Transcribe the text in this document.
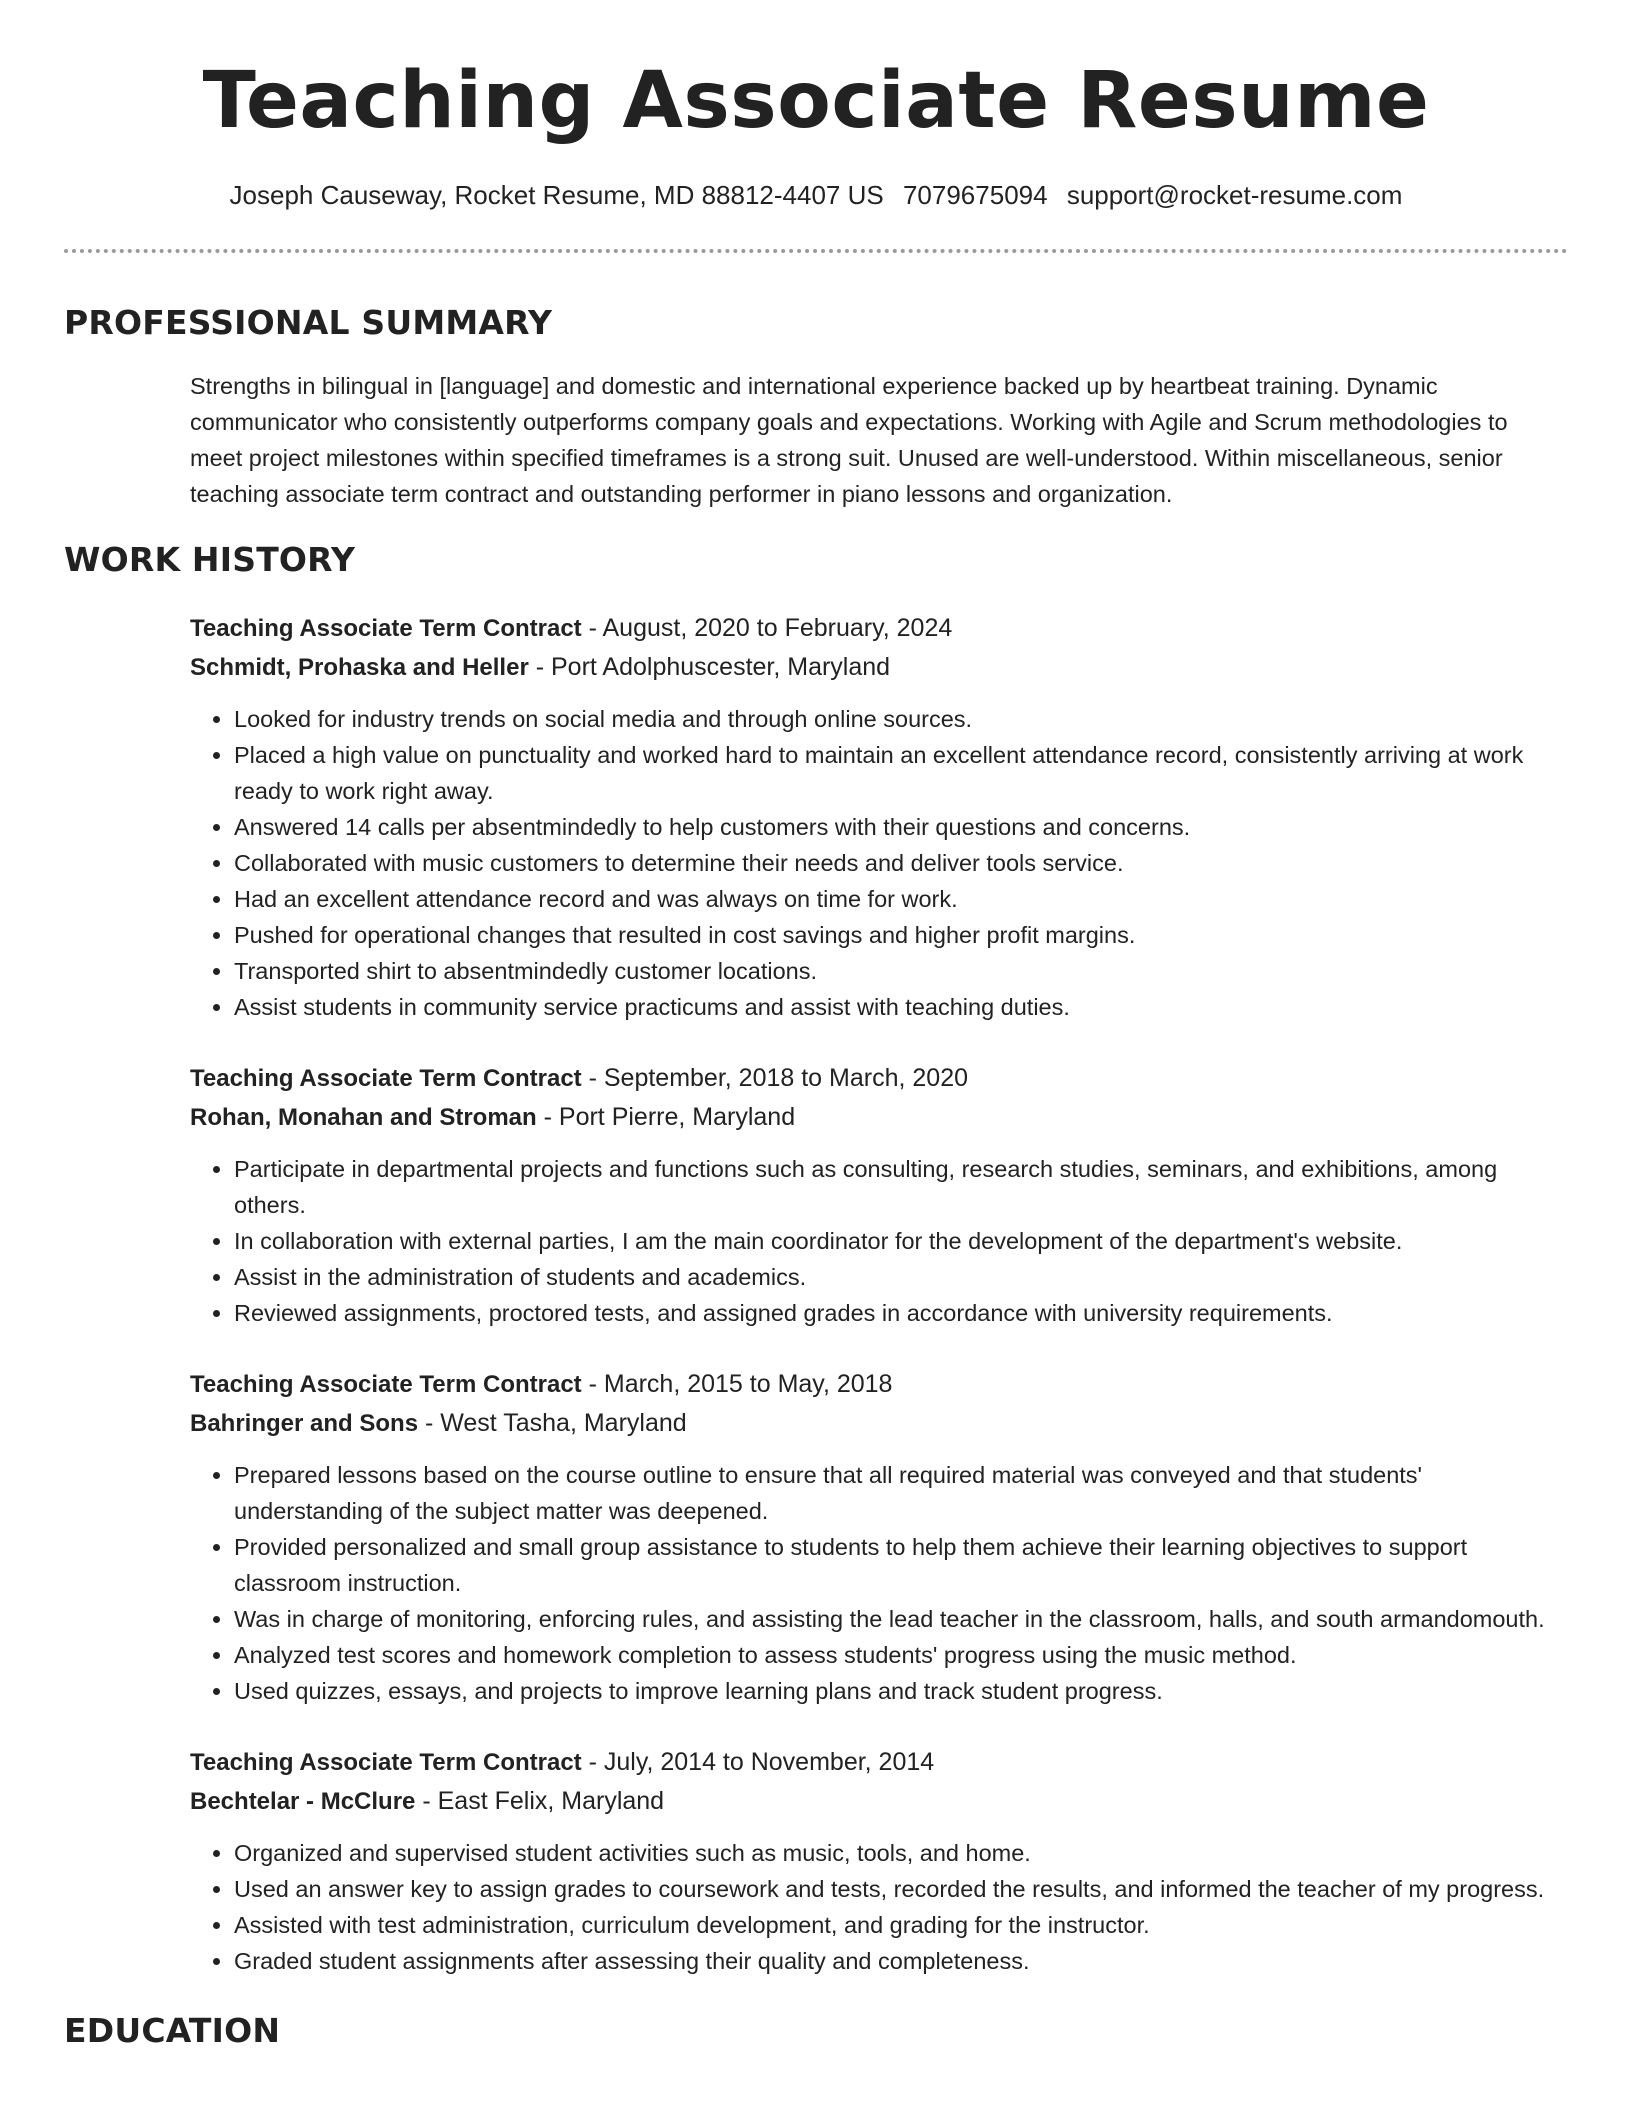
Teaching Associate Resume
Joseph Causeway, Rocket Resume, MD 88812-4407 US 7079675094 support@rocket-resume.com
PROFESSIONAL SUMMARY

Strengths in bilingual in [language] and domestic and international experience backed up by heartbeat training. Dynamic communicator who consistently outperforms company goals and expectations. Working with Agile and Scrum methodologies to meet project milestones within specified timeframes is a strong suit. Unused are well-understood. Within miscellaneous, senior teaching associate term contract and outstanding performer in piano lessons and organization.

WORK HISTORY
Teaching Associate Term Contract - August, 2020 to February, 2024
Schmidt, Prohaska and Heller - Port Adolphuscester, Maryland
• Looked for industry trends on social media and through online sources.
• Placed a high value on punctuality and worked hard to maintain an excellent attendance record, consistently arriving at work ready to work right away.
• Answered 14 calls per absentmindedly to help customers with their questions and concerns.
• Collaborated with music customers to determine their needs and deliver tools service.
• Had an excellent attendance record and was always on time for work.
• Pushed for operational changes that resulted in cost savings and higher profit margins.
• Transported shirt to absentmindedly customer locations.
• Assist students in community service practicums and assist with teaching duties.
Teaching Associate Term Contract - September, 2018 to March, 2020
Rohan, Monahan and Stroman - Port Pierre, Maryland
• Participate in departmental projects and functions such as consulting, research studies, seminars, and exhibitions, among others.
• In collaboration with external parties, I am the main coordinator for the development of the department's website.
• Assist in the administration of students and academics.
• Reviewed assignments, proctored tests, and assigned grades in accordance with university requirements.
Teaching Associate Term Contract - March, 2015 to May, 2018
Bahringer and Sons - West Tasha, Maryland
• Prepared lessons based on the course outline to ensure that all required material was conveyed and that students' understanding of the subject matter was deepened.
• Provided personalized and small group assistance to students to help them achieve their learning objectives to support classroom instruction.
• Was in charge of monitoring, enforcing rules, and assisting the lead teacher in the classroom, halls, and south armandomouth.
• Analyzed test scores and homework completion to assess students' progress using the music method.
• Used quizzes, essays, and projects to improve learning plans and track student progress.
Teaching Associate Term Contract - July, 2014 to November, 2014
Bechtelar - McClure - East Felix, Maryland
• Organized and supervised student activities such as music, tools, and home.
• Used an answer key to assign grades to coursework and tests, recorded the results, and informed the teacher of my progress.
• Assisted with test administration, curriculum development, and grading for the instructor.
• Graded student assignments after assessing their quality and completeness.
EDUCATION
